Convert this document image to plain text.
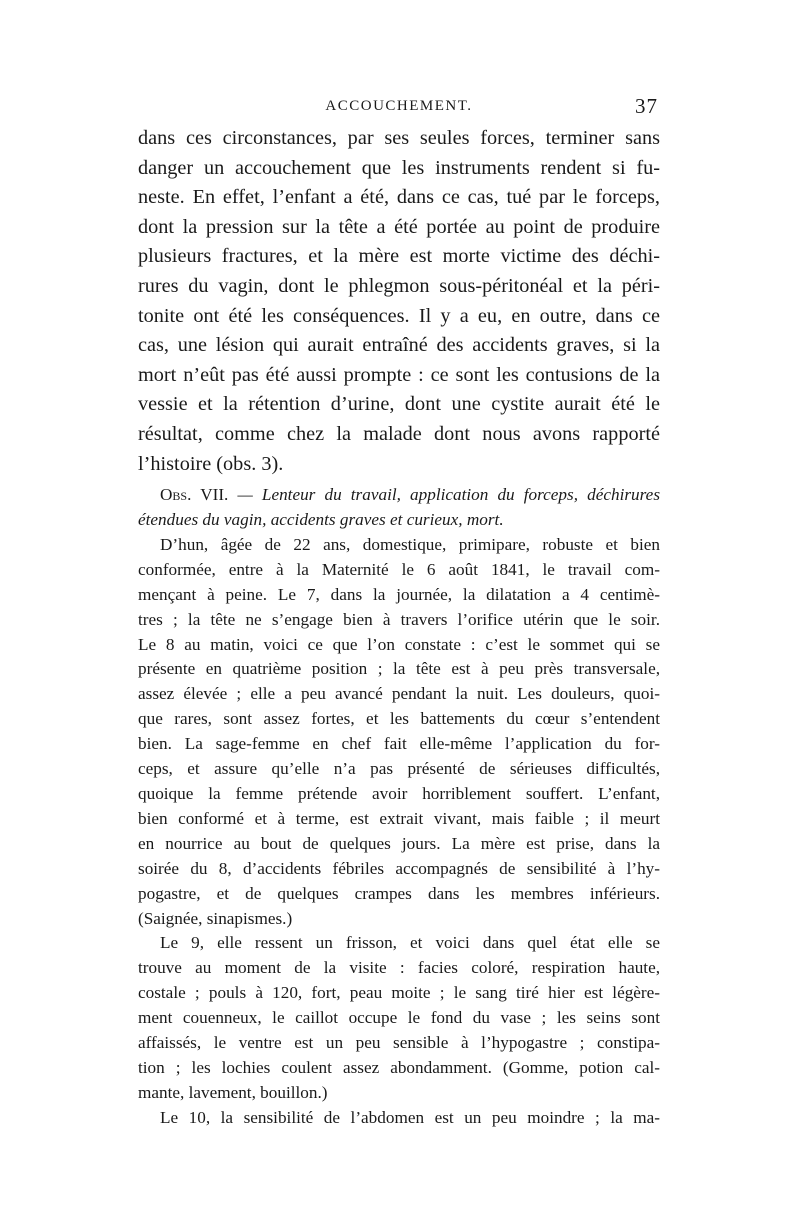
ACCOUCHEMENT.	37
dans ces circonstances, par ses seules forces, terminer sans
danger un accouchement que les instruments rendent si fu-
neste. En effet, l’enfant a été, dans ce cas, tué par le forceps,
dont la pression sur la tête a été portée au point de produire
plusieurs fractures, et la mère est morte victime des déchi-
rures du vagin, dont le phlegmon sous-péritonéal et la péri-
tonite ont été les conséquences. Il y a eu, en outre, dans ce
cas, une lésion qui aurait entraîné des accidents graves, si la
mort n’eût pas été aussi prompte : ce sont les contusions de la
vessie et la rétention d’urine, dont une cystite aurait été le
résultat, comme chez la malade dont nous avons rapporté
l’histoire (obs. 3).
Obs. VII. — Lenteur du travail, application du forceps, déchirures
étendues du vagin, accidents graves et curieux, mort.
D’hun, âgée de 22 ans, domestique, primipare, robuste et bien
conformée, entre à la Maternité le 6 août 1841, le travail com-
mençant à peine. Le 7, dans la journée, la dilatation a 4 centimè-
tres ; la tête ne s’engage bien à travers l’orifice utérin que le soir.
Le 8 au matin, voici ce que l’on constate : c’est le sommet qui se
présente en quatrième position ; la tête est à peu près transversale,
assez élevée ; elle a peu avancé pendant la nuit. Les douleurs, quoi-
que rares, sont assez fortes, et les battements du cœur s’entendent
bien. La sage-femme en chef fait elle-même l’application du for-
ceps, et assure qu’elle n’a pas présenté de sérieuses difficultés,
quoique la femme prétende avoir horriblement souffert. L’enfant,
bien conformé et à terme, est extrait vivant, mais faible ; il meurt
en nourrice au bout de quelques jours. La mère est prise, dans la
soirée du 8, d’accidents fébriles accompagnés de sensibilité à l’hy-
pogastre, et de quelques crampes dans les membres inférieurs.
(Saignée, sinapismes.)
Le 9, elle ressent un frisson, et voici dans quel état elle se
trouve au moment de la visite : facies coloré, respiration haute,
costale ; pouls à 120, fort, peau moite ; le sang tiré hier est légère-
ment couenneux, le caillot occupe le fond du vase ; les seins sont
affaissés, le ventre est un peu sensible à l’hypogastre ; constipa-
tion ; les lochies coulent assez abondamment. (Gomme, potion cal-
mante, lavement, bouillon.)
Le 10, la sensibilité de l’abdomen est un peu moindre ; la ma-
